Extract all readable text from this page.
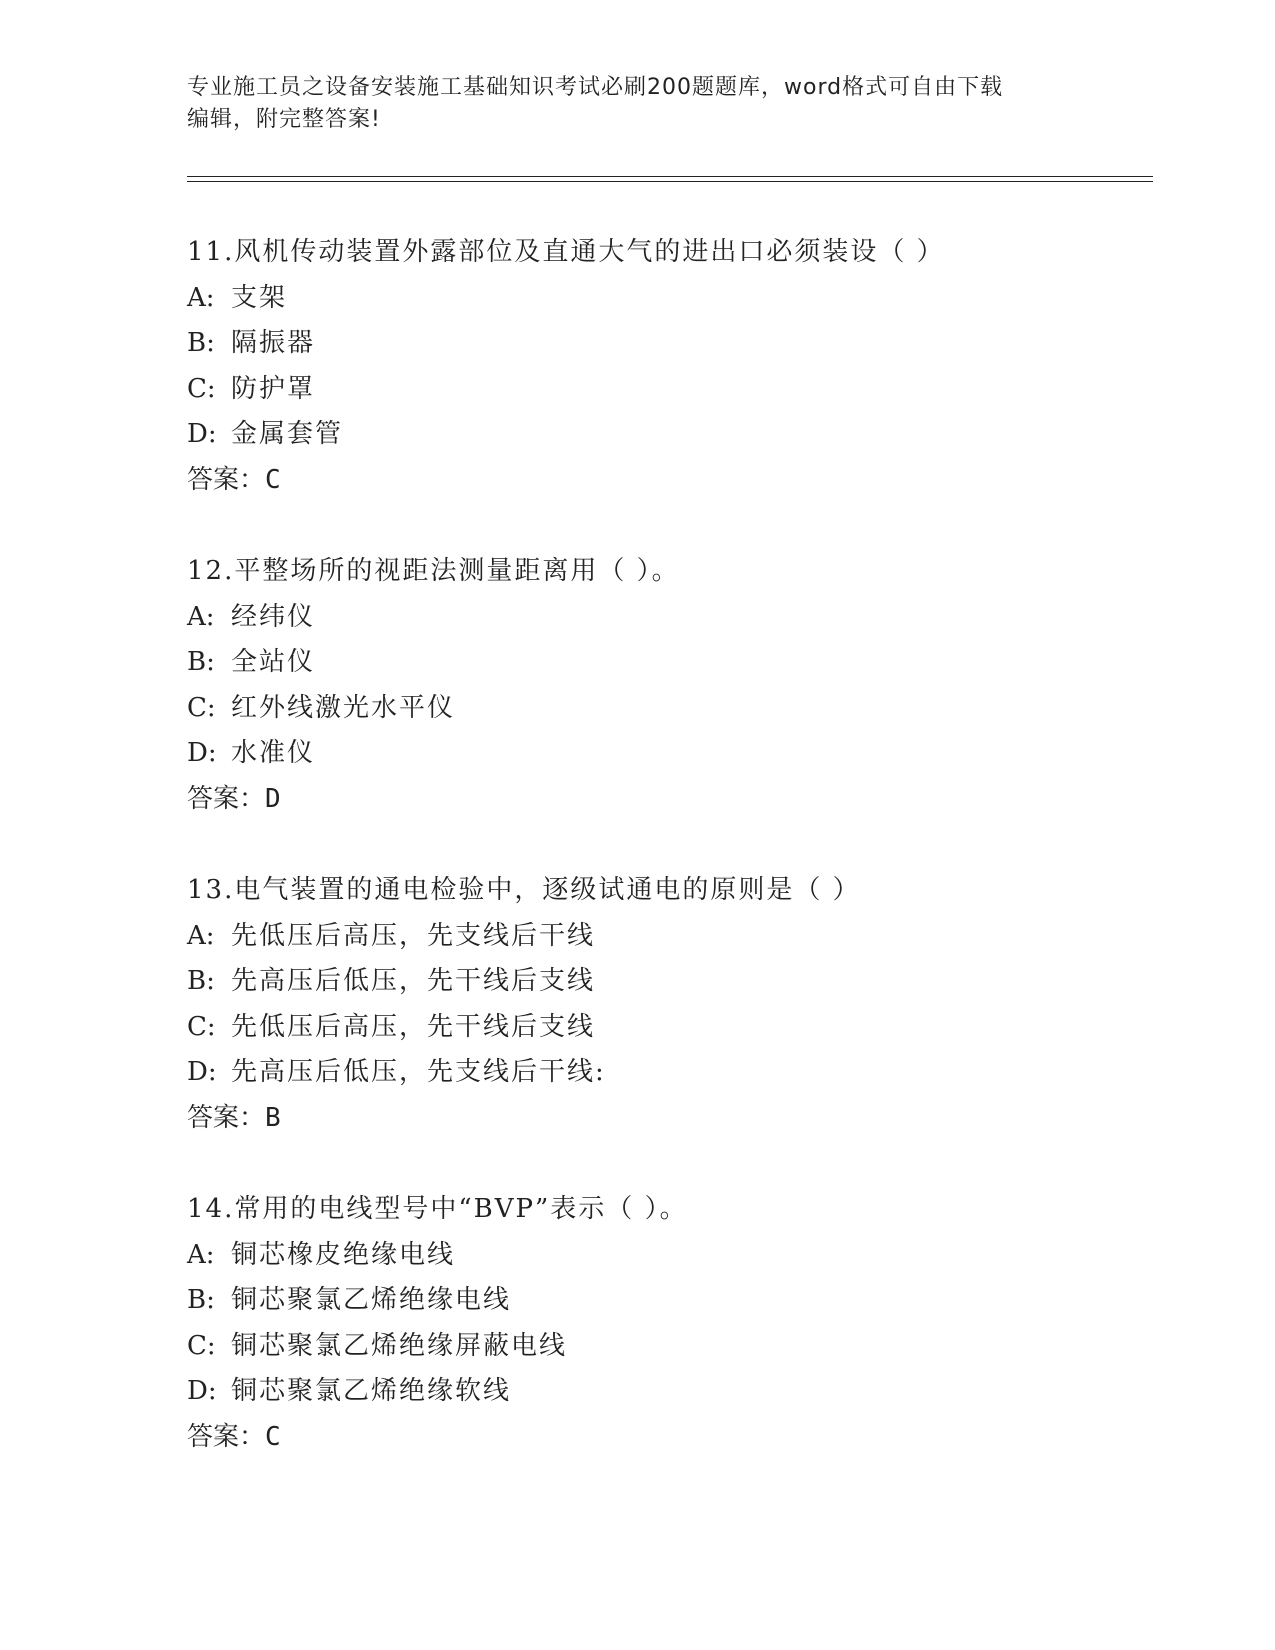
专业施工员之设备安装施工基础知识考试必刷200题题库，word格式可自由下载
编辑，附完整答案!
11.风机传动装置外露部位及直通大气的进出口必须装设（ ）
A: 支架
B: 隔振器
C: 防护罩
D: 金属套管
答案：C
12.平整场所的视距法测量距离用（ ）。
A: 经纬仪
B: 全站仪
C: 红外线激光水平仪
D: 水准仪
答案：D
13.电气装置的通电检验中，逐级试通电的原则是（ ）
A: 先低压后高压，先支线后干线
B: 先高压后低压，先干线后支线
C: 先低压后高压，先干线后支线
D: 先高压后低压，先支线后干线:
答案：B
14.常用的电线型号中“BVP”表示（ ）。
A: 铜芯橡皮绝缘电线
B: 铜芯聚氯乙烯绝缘电线
C: 铜芯聚氯乙烯绝缘屏蔽电线
D: 铜芯聚氯乙烯绝缘软线
答案：C
